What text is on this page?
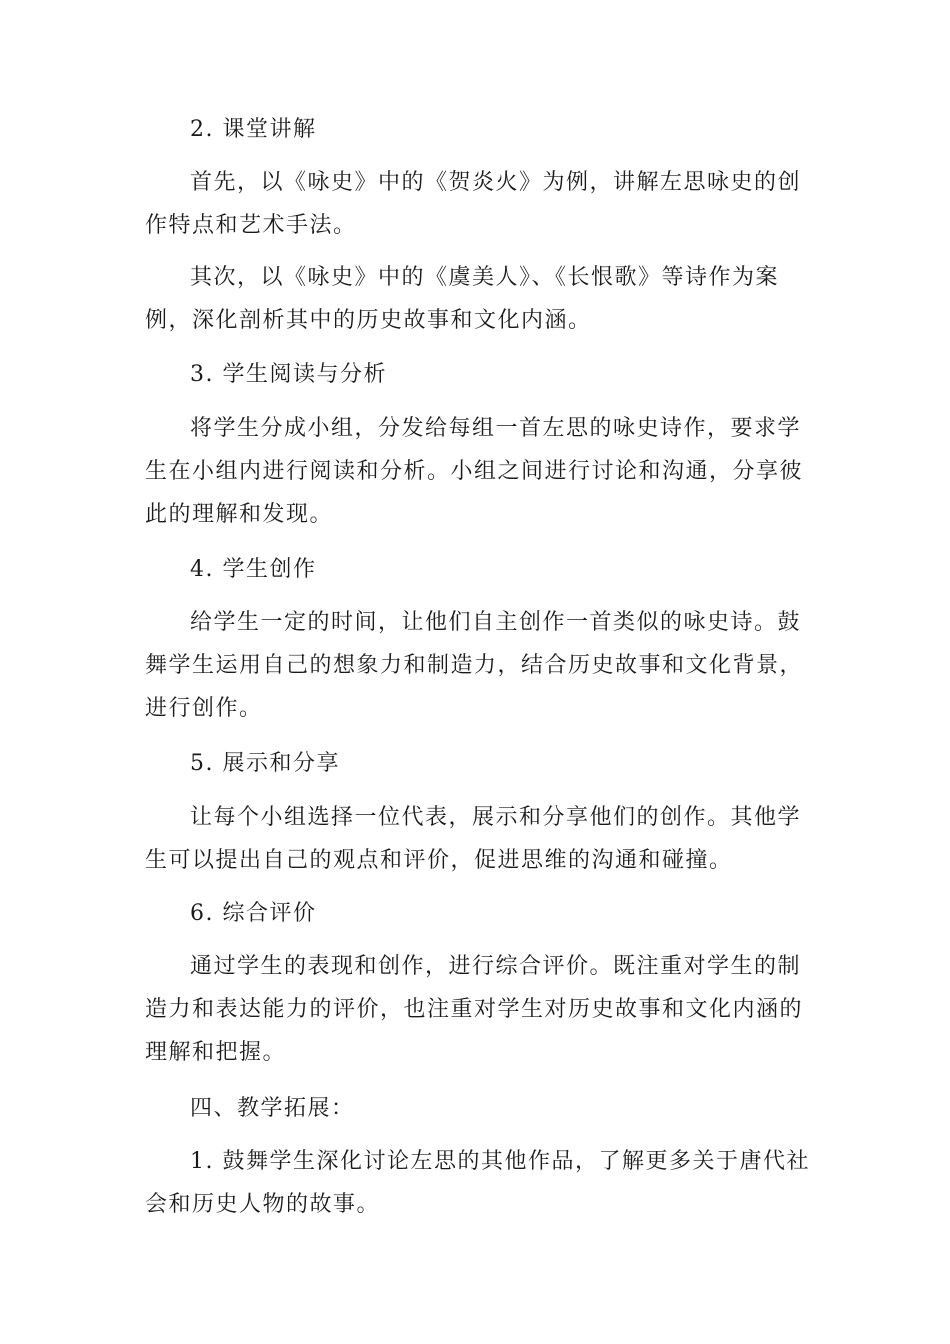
2. 课堂讲解

首先，以《咏史》中的《贺炎火》为例，讲解左思咏史的创作特点和艺术手法。

其次，以《咏史》中的《虞美人》、《长恨歌》等诗作为案例，深化剖析其中的历史故事和文化内涵。

3. 学生阅读与分析

将学生分成小组，分发给每组一首左思的咏史诗作，要求学生在小组内进行阅读和分析。小组之间进行讨论和沟通，分享彼此的理解和发现。

4. 学生创作

给学生一定的时间，让他们自主创作一首类似的咏史诗。鼓舞学生运用自己的想象力和制造力，结合历史故事和文化背景，进行创作。

5. 展示和分享

让每个小组选择一位代表，展示和分享他们的创作。其他学生可以提出自己的观点和评价，促进思维的沟通和碰撞。

6. 综合评价

通过学生的表现和创作，进行综合评价。既注重对学生的制造力和表达能力的评价，也注重对学生对历史故事和文化内涵的理解和把握。

四、教学拓展：

1. 鼓舞学生深化讨论左思的其他作品，了解更多关于唐代社会和历史人物的故事。
